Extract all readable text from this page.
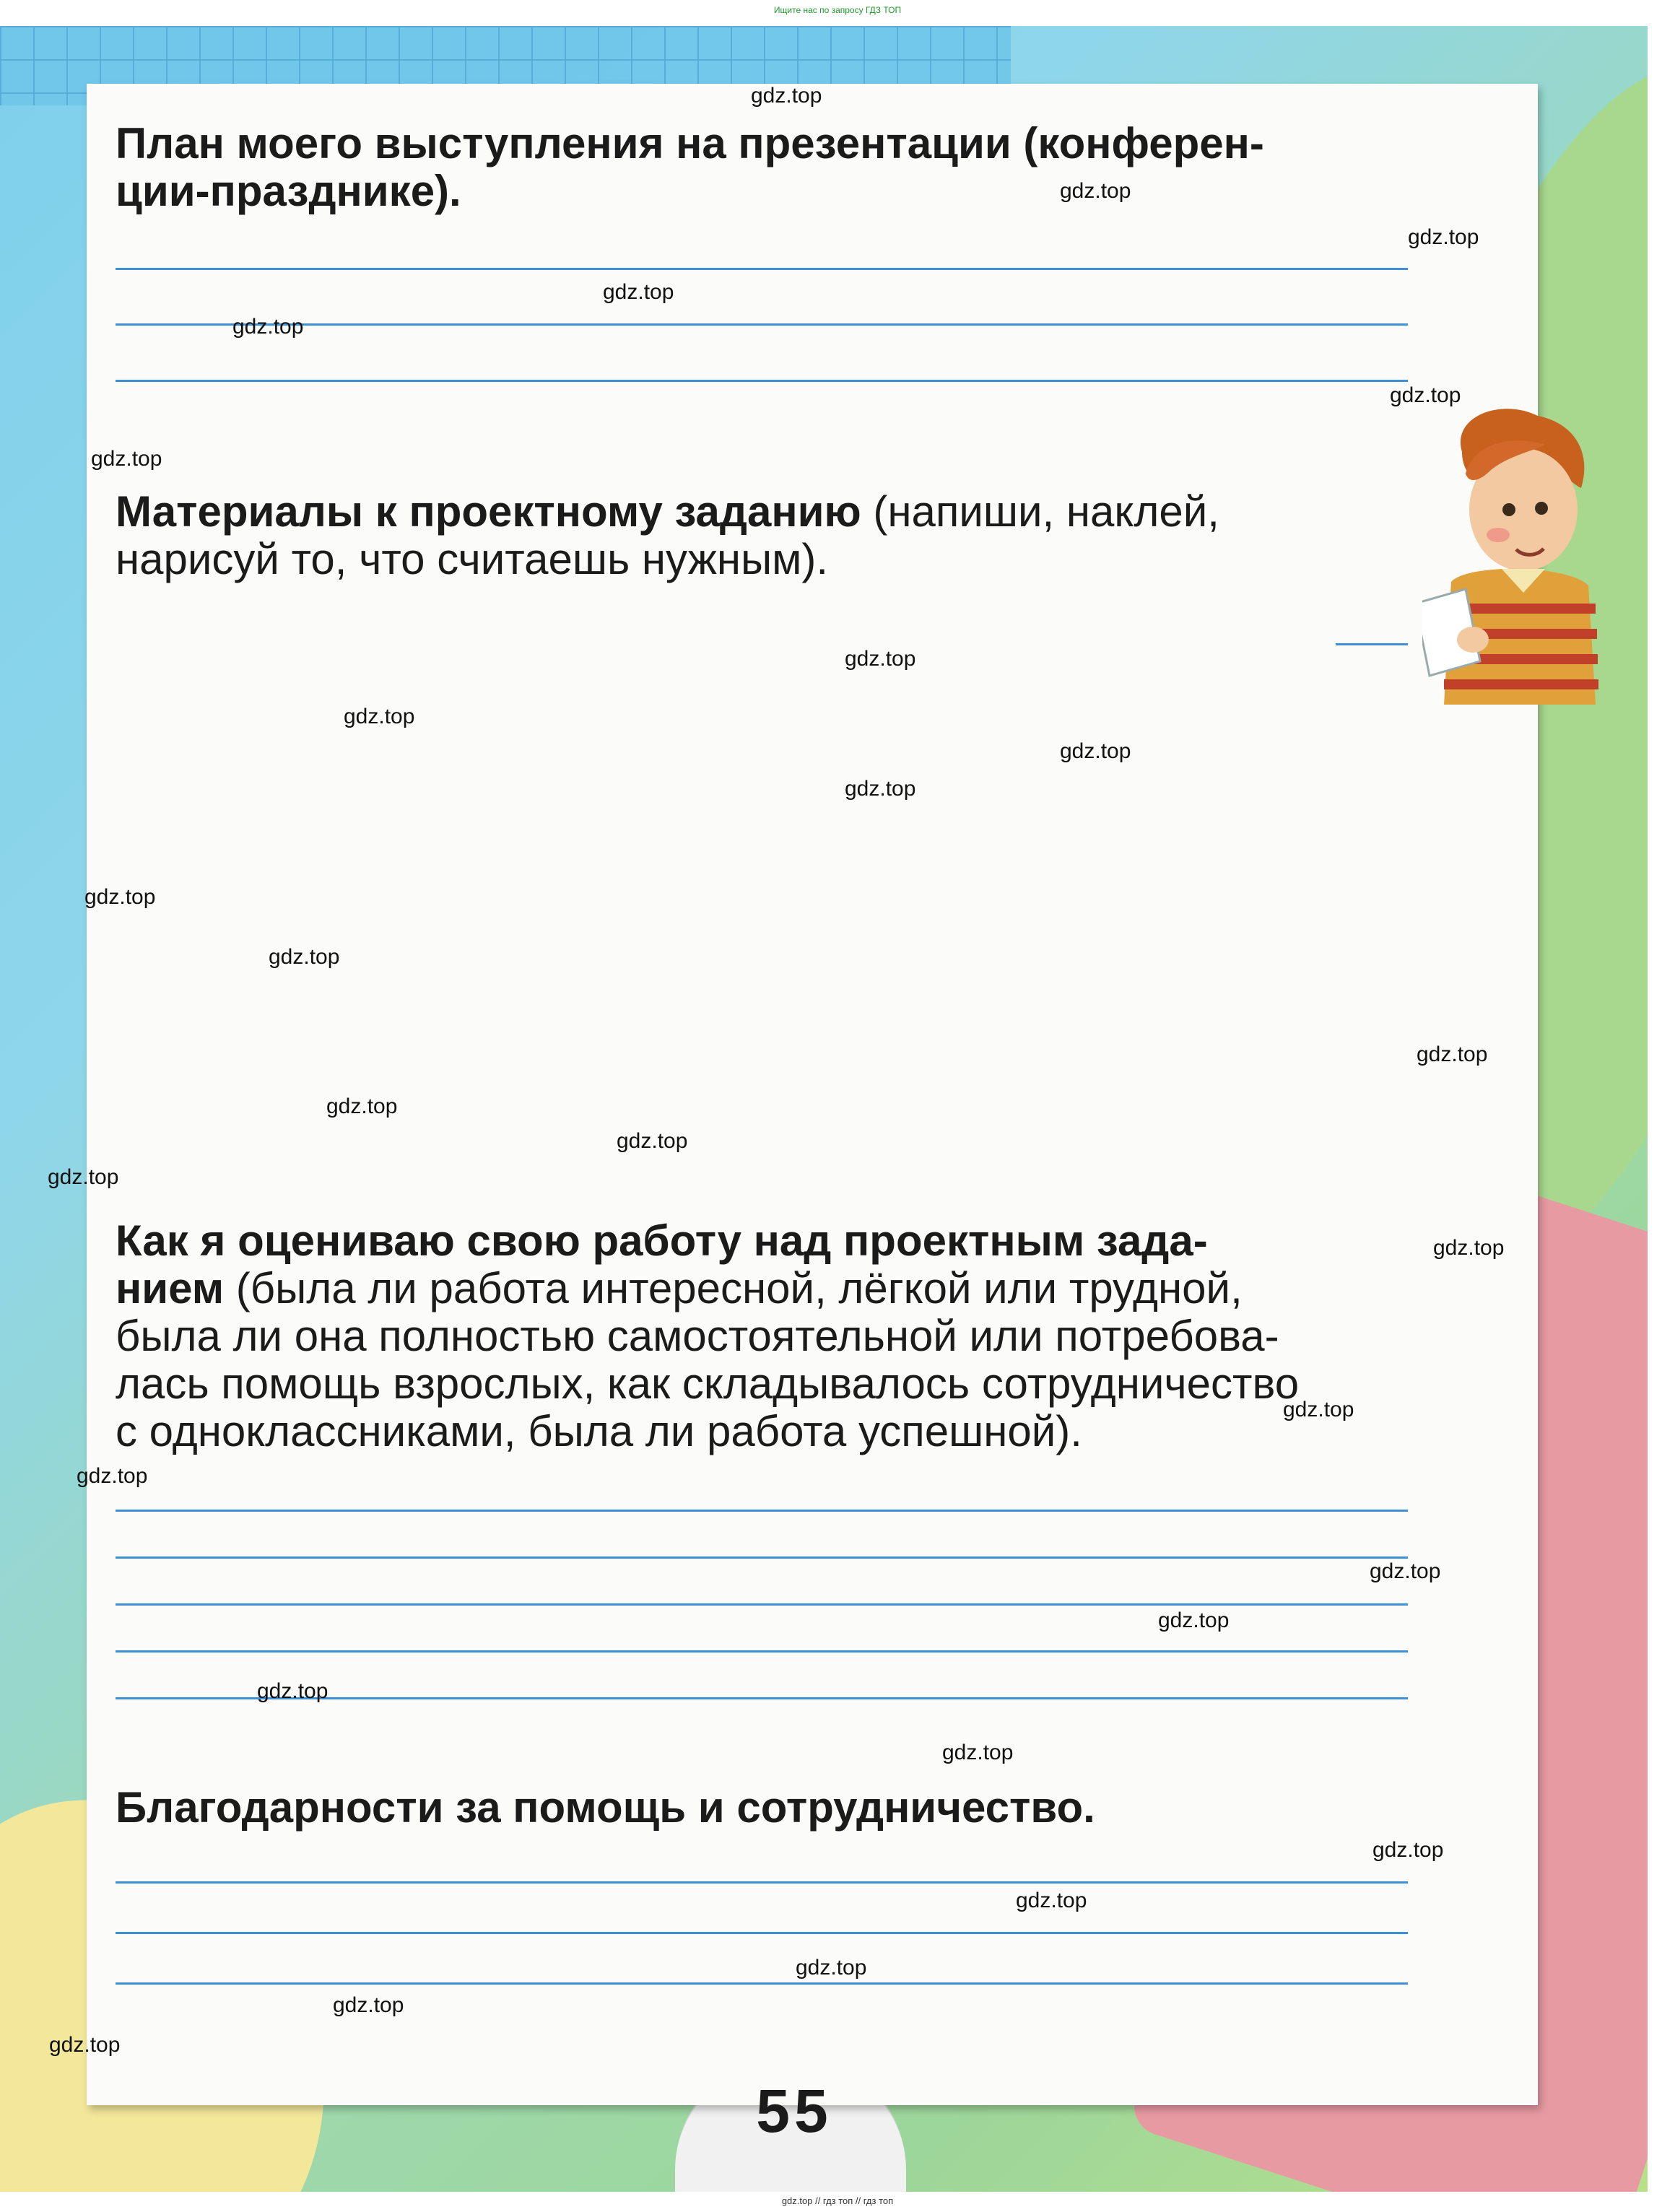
Ищите нас по запросу ГДЗ ТОП

План моего выступления на презентации (конферен-

ции-празднике).

Материалы к проектному заданию (напиши, наклей,

нарисуй то, что считаешь нужным).

Как я оцениваю свою работу над проектным зада-

нием (была ли работа интересной, лёгкой или трудной,

была ли она полностью самостоятельной или потребова-

лась помощь взрослых, как складывалось сотрудничество

с одноклассниками, была ли работа успешной).

Благодарности за помощь и сотрудничество.

55
gdz.top
gdz.top
gdz.top
gdz.top
gdz.top
gdz.top
gdz.top
gdz.top
gdz.top
gdz.top
gdz.top
gdz.top
gdz.top
gdz.top
gdz.top
gdz.top
gdz.top
gdz.top
gdz.top
gdz.top
gdz.top
gdz.top
gdz.top
gdz.top
gdz.top
gdz.top
gdz.top
gdz.top
gdz.top
gdz.top // гдз топ // гдз топ
